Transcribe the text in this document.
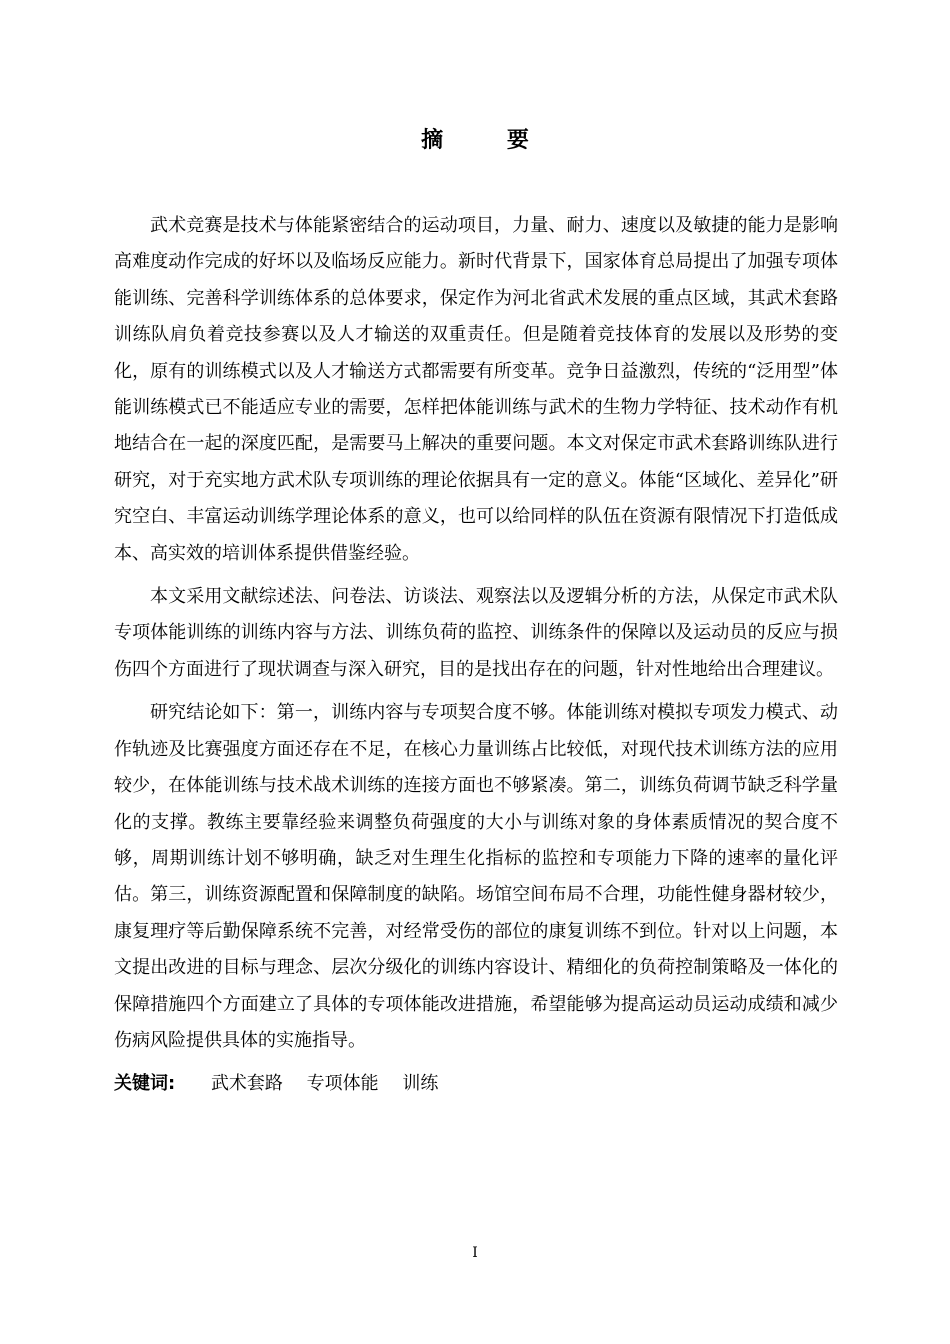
摘 要

武术竞赛是技术与体能紧密结合的运动项目，力量、耐力、速度以及敏捷的能力是影响高难度动作完成的好坏以及临场反应能力。新时代背景下，国家体育总局提出了加强专项体能训练、完善科学训练体系的总体要求，保定作为河北省武术发展的重点区域，其武术套路训练队肩负着竞技参赛以及人才输送的双重责任。但是随着竞技体育的发展以及形势的变化，原有的训练模式以及人才输送方式都需要有所变革。竞争日益激烈，传统的“泛用型”体能训练模式已不能适应专业的需要，怎样把体能训练与武术的生物力学特征、技术动作有机地结合在一起的深度匹配，是需要马上解决的重要问题。本文对保定市武术套路训练队进行研究，对于充实地方武术队专项训练的理论依据具有一定的意义。体能“区域化、差异化”研究空白、丰富运动训练学理论体系的意义，也可以给同样的队伍在资源有限情况下打造低成本、高实效的培训体系提供借鉴经验。

本文采用文献综述法、问卷法、访谈法、观察法以及逻辑分析的方法，从保定市武术队专项体能训练的训练内容与方法、训练负荷的监控、训练条件的保障以及运动员的反应与损伤四个方面进行了现状调查与深入研究，目的是找出存在的问题，针对性地给出合理建议。

研究结论如下：第一，训练内容与专项契合度不够。体能训练对模拟专项发力模式、动作轨迹及比赛强度方面还存在不足，在核心力量训练占比较低，对现代技术训练方法的应用较少，在体能训练与技术战术训练的连接方面也不够紧凑。第二，训练负荷调节缺乏科学量化的支撑。教练主要靠经验来调整负荷强度的大小与训练对象的身体素质情况的契合度不够，周期训练计划不够明确，缺乏对生理生化指标的监控和专项能力下降的速率的量化评估。第三，训练资源配置和保障制度的缺陷。场馆空间布局不合理，功能性健身器材较少，康复理疗等后勤保障系统不完善，对经常受伤的部位的康复训练不到位。针对以上问题，本文提出改进的目标与理念、层次分级化的训练内容设计、精细化的负荷控制策略及一体化的保障措施四个方面建立了具体的专项体能改进措施，希望能够为提高运动员运动成绩和减少伤病风险提供具体的实施指导。

关键词: 武术套路 专项体能 训练
I
